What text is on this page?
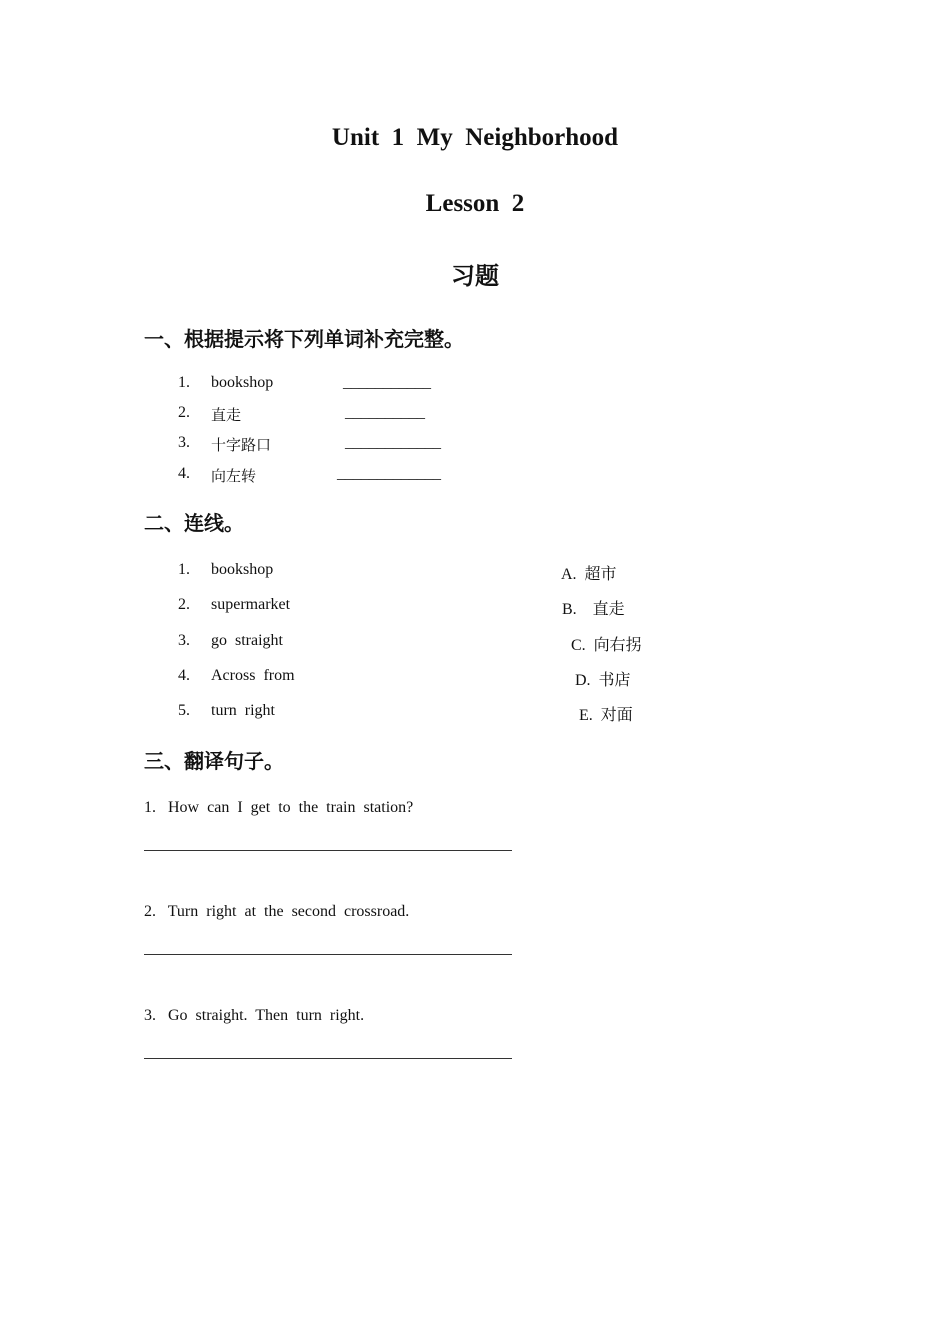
Unit  1  My  Neighborhood
Lesson  2
习题
一、根据提示将下列单词补充完整。
1. bookshop	___________
2. 直走	__________
3. 十字路口	____________
4. 向左转	_____________
二、连线。
1. bookshop
2. supermarket
3. go  straight
4. Across  from
5. turn  right
A.  超市
B.    直走
C.  向右拐
D.  书店
E.  对面
三、翻译句子。
1.   How  can  I  get  to  the  train  station?
2.   Turn  right  at  the  second  crossroad.
3.   Go  straight.  Then  turn  right.
